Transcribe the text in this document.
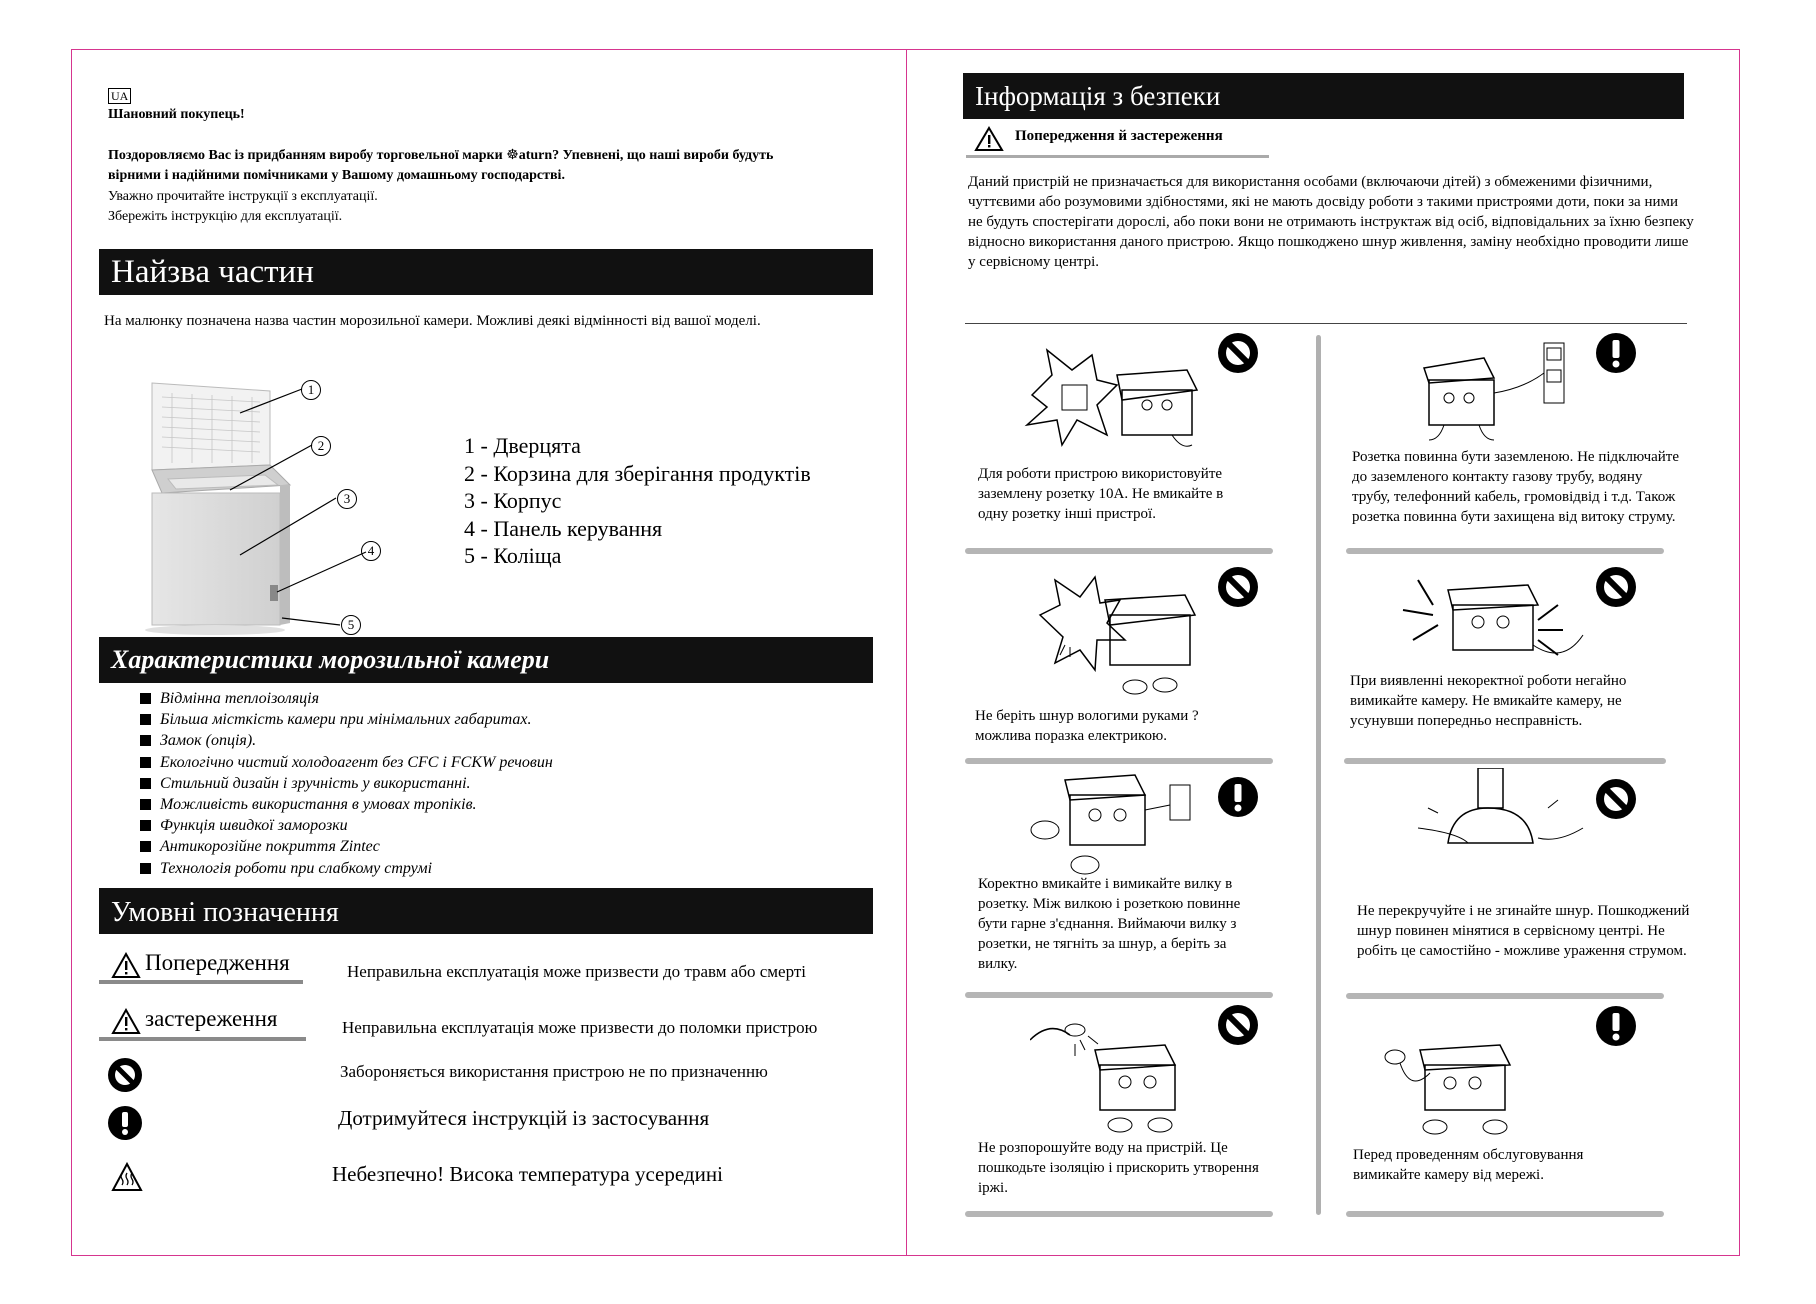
UA
Шановний покупець!
Поздоровляємо Вас із придбанням виробу торговельної марки ☸aturn? Упевнені, що наші вироби будуть вірними і надійними помічниками у Вашому домашньому господарстві.
Уважно прочитайте інструкції з експлуатації.
Збережіть інструкцію для експлуатації.
Найзва частин
На малюнку позначена назва частин морозильної камери. Можливі деякі відмінності від вашої моделі.
1
2
3
4
5
1 - Дверцята
2 - Корзина для зберігання продуктів
3 - Корпус
4 - Панель керування
5 - Коліща
Характеристики морозильної камери
Відмінна теплоізоляція
Більша місткість камери при мінімальних габаритах.
Замок (опція).
Екологічно чистий холодоагент без CFC і FCKW речовин
Стильний дизайн і зручність у використанні.
Можливість використання в умовах тропіків.
Функція швидкої заморозки
Антикорозійне покриття Zintec
Технологія роботи при слабкому струмі
Умовні позначення
Попередження	Неправильна експлуатація може призвести до травм або смерті
застереження	Неправильна експлуатація може призвести до поломки пристрою
Забороняється використання пристрою не по призначенню
Дотримуйтеся інструкцій із застосування
Небезпечно! Висока температура усередині
Інформація з безпеки
Попередження й застереження
Даний пристрій не призначається для використання особами (включаючи дітей) з обмеженими фізичними, чуттєвими або розумовими здібностями, які не мають досвіду роботи з такими пристроями доти, поки за ними не будуть спостерігати дорослі, або поки вони не отримають інструктаж від осіб, відповідальних за їхню безпеку відносно використання даного пристрою. Якщо пошкоджено шнур живлення, заміну необхідно проводити лише у сервісному центрі.
Для роботи пристрою використовуйте заземлену розетку 10А. Не вмикайте в одну розетку інші пристрої.
Розетка повинна бути заземленою. Не підключайте до заземленого контакту газову трубу, водяну трубу, телефонний кабель, громовідвід і т.д. Також розетка повинна бути захищена від витоку струму.
Не беріть шнур вологими руками ? можлива поразка електрикою.
При виявленні некоректної роботи негайно вимикайте камеру. Не вмикайте камеру, не усунувши попередньо несправність.
Коректно вмикайте і вимикайте вилку в розетку. Між вилкою і розеткою повинне бути гарне з'єднання. Виймаючи вилку з розетки, не тягніть за шнур, а беріть за вилку.
Не перекручуйте і не згинайте шнур. Пошкоджений шнур повинен мінятися в сервісному центрі. Не робіть це самостійно - можливе ураження струмом.
Не розпорошуйте воду на пристрій. Це пошкодьте ізоляцію і прискорить утворення іржі.
Перед проведенням обслуговування вимикайте камеру від мережі.
